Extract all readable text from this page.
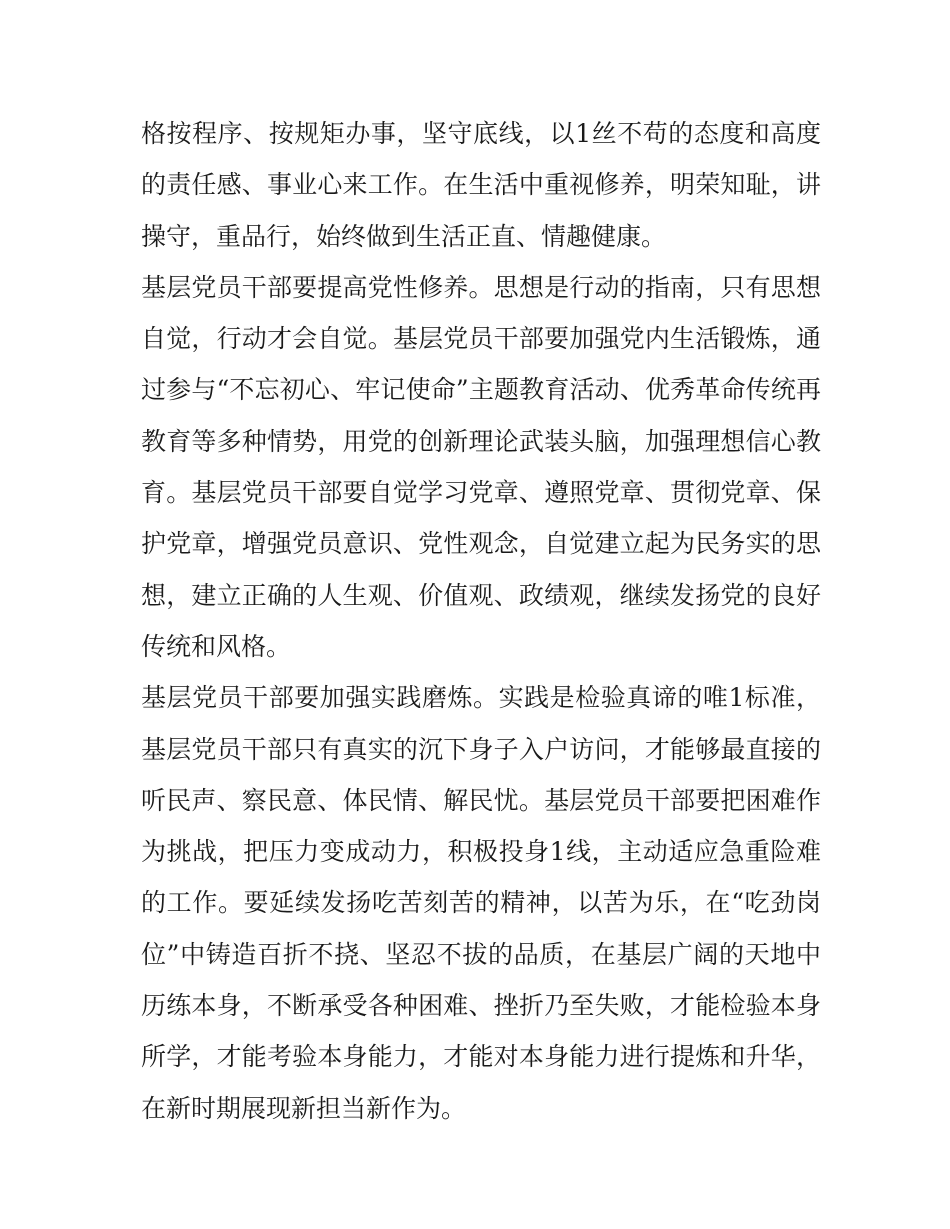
格按程序、按规矩办事，坚守底线，以1丝不苟的态度和高度
的责任感、事业心来工作。在生活中重视修养，明荣知耻，讲
操守，重品行，始终做到生活正直、情趣健康。
基层党员干部要提高党性修养。思想是行动的指南，只有思想
自觉，行动才会自觉。基层党员干部要加强党内生活锻炼，通
过参与“不忘初心、牢记使命”主题教育活动、优秀革命传统再
教育等多种情势，用党的创新理论武装头脑，加强理想信心教
育。基层党员干部要自觉学习党章、遵照党章、贯彻党章、保
护党章，增强党员意识、党性观念，自觉建立起为民务实的思
想，建立正确的人生观、价值观、政绩观，继续发扬党的良好
传统和风格。
基层党员干部要加强实践磨炼。实践是检验真谛的唯1标准，
基层党员干部只有真实的沉下身子入户访问，才能够最直接的
听民声、察民意、体民情、解民忧。基层党员干部要把困难作
为挑战，把压力变成动力，积极投身1线，主动适应急重险难
的工作。要延续发扬吃苦刻苦的精神，以苦为乐，在“吃劲岗
位”中铸造百折不挠、坚忍不拔的品质，在基层广阔的天地中
历练本身，不断承受各种困难、挫折乃至失败，才能检验本身
所学，才能考验本身能力，才能对本身能力进行提炼和升华，
在新时期展现新担当新作为。
